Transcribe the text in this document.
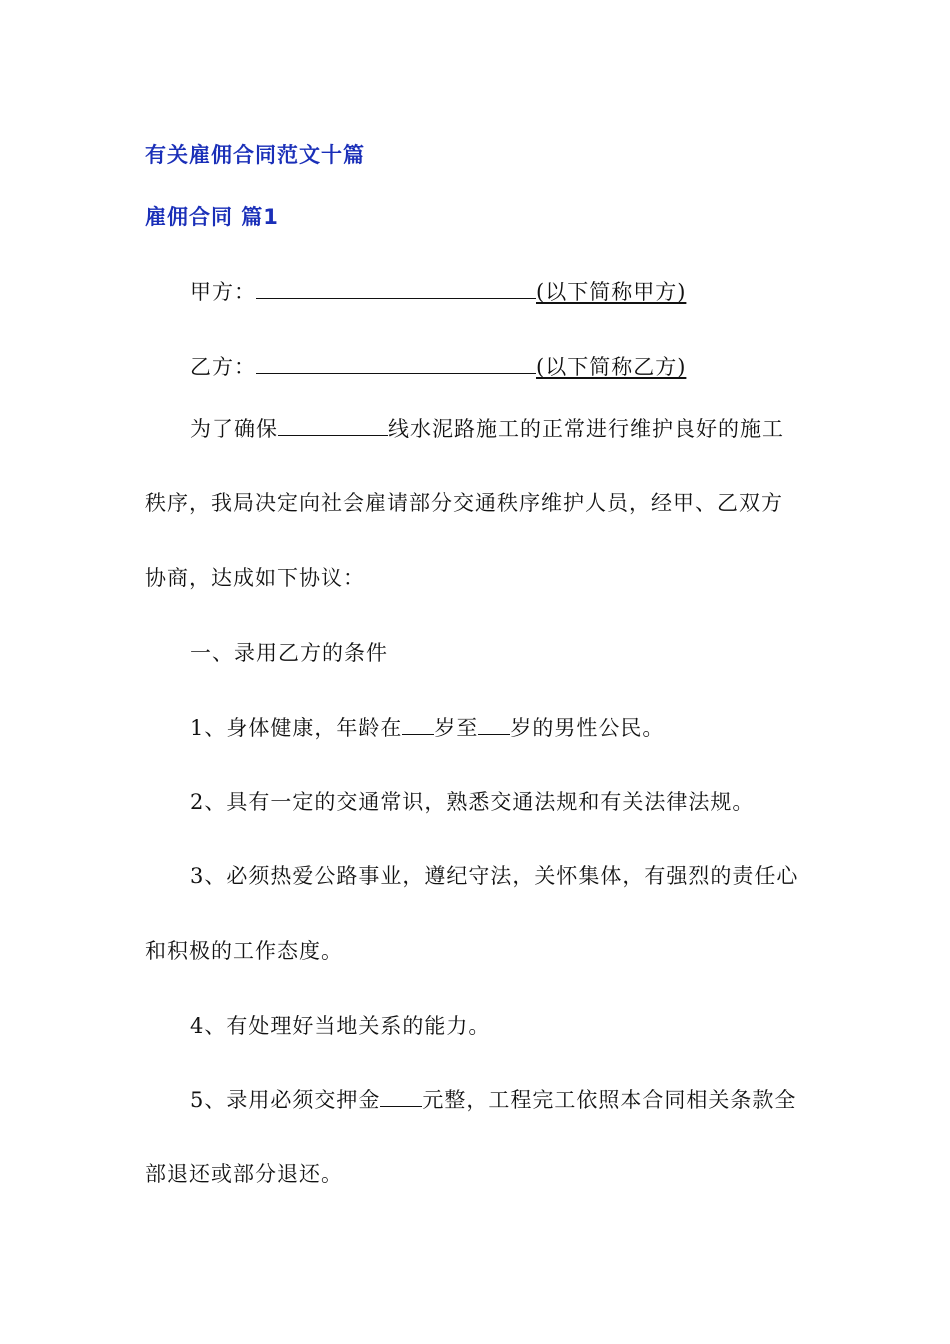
有关雇佣合同范文十篇
雇佣合同 篇1
甲方：	(以下简称甲方)
乙方：	(以下简称乙方)
为了确保	线水泥路施工的正常进行维护良好的施工
秩序，我局决定向社会雇请部分交通秩序维护人员，经甲、乙双方
协商，达成如下协议：
一、录用乙方的条件
1、身体健康，年龄在 岁至 岁的男性公民。
2、具有一定的交通常识，熟悉交通法规和有关法律法规。
3、必须热爱公路事业，遵纪守法，关怀集体，有强烈的责任心
和积极的工作态度。
4、有处理好当地关系的能力。
5、录用必须交押金 元整，工程完工依照本合同相关条款全
部退还或部分退还。
